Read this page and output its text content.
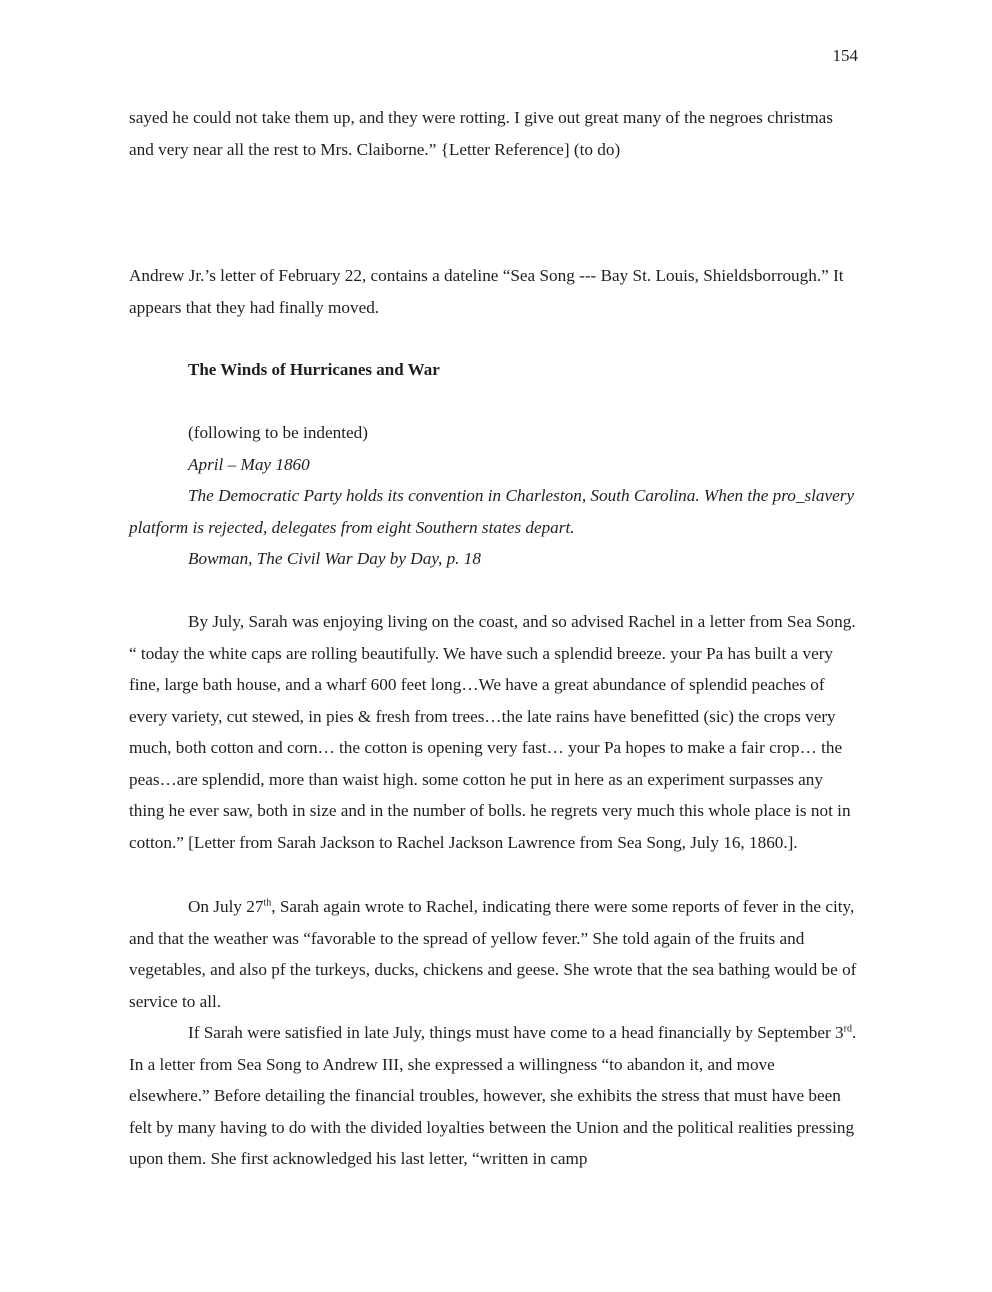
154

sayed he could not take them up, and they were rotting. I give out great many of the negroes christmas and very near all the rest to Mrs. Claiborne.” {Letter Reference] (to do)

Andrew Jr.’s letter of February 22, contains a dateline “Sea Song --- Bay St. Louis, Shieldsborrough.” It appears that they had finally moved.

The Winds of Hurricanes and War

(following to be indented)

April – May 1860

The Democratic Party holds its convention in Charleston, South Carolina. When the pro_slavery platform is rejected, delegates from eight Southern states depart.

Bowman, The Civil War Day by Day, p. 18

By July, Sarah was enjoying living on the coast, and so advised Rachel in a letter from Sea Song. “ today the white caps are rolling beautifully. We have such a splendid breeze. your Pa has built a very fine, large bath house, and a wharf 600 feet long…We have a great abundance of splendid peaches of every variety, cut stewed, in pies & fresh from trees…the late rains have benefitted (sic) the crops very much, both cotton and corn… the cotton is opening very fast… your Pa hopes to make a fair crop… the peas…are splendid, more than waist high. some cotton he put in here as an experiment surpasses any thing he ever saw, both in size and in the number of bolls. he regrets very much this whole place is not in cotton.” [Letter from Sarah Jackson to Rachel Jackson Lawrence from Sea Song, July 16, 1860.].

On July 27th, Sarah again wrote to Rachel, indicating there were some reports of fever in the city, and that the weather was “favorable to the spread of yellow fever.” She told again of the fruits and vegetables, and also pf the turkeys, ducks, chickens and geese. She wrote that the sea bathing would be of service to all.

If Sarah were satisfied in late July, things must have come to a head financially by September 3rd. In a letter from Sea Song to Andrew III, she expressed a willingness “to abandon it, and move elsewhere.” Before detailing the financial troubles, however, she exhibits the stress that must have been felt by many having to do with the divided loyalties between the Union and the political realities pressing upon them. She first acknowledged his last letter, “written in camp
